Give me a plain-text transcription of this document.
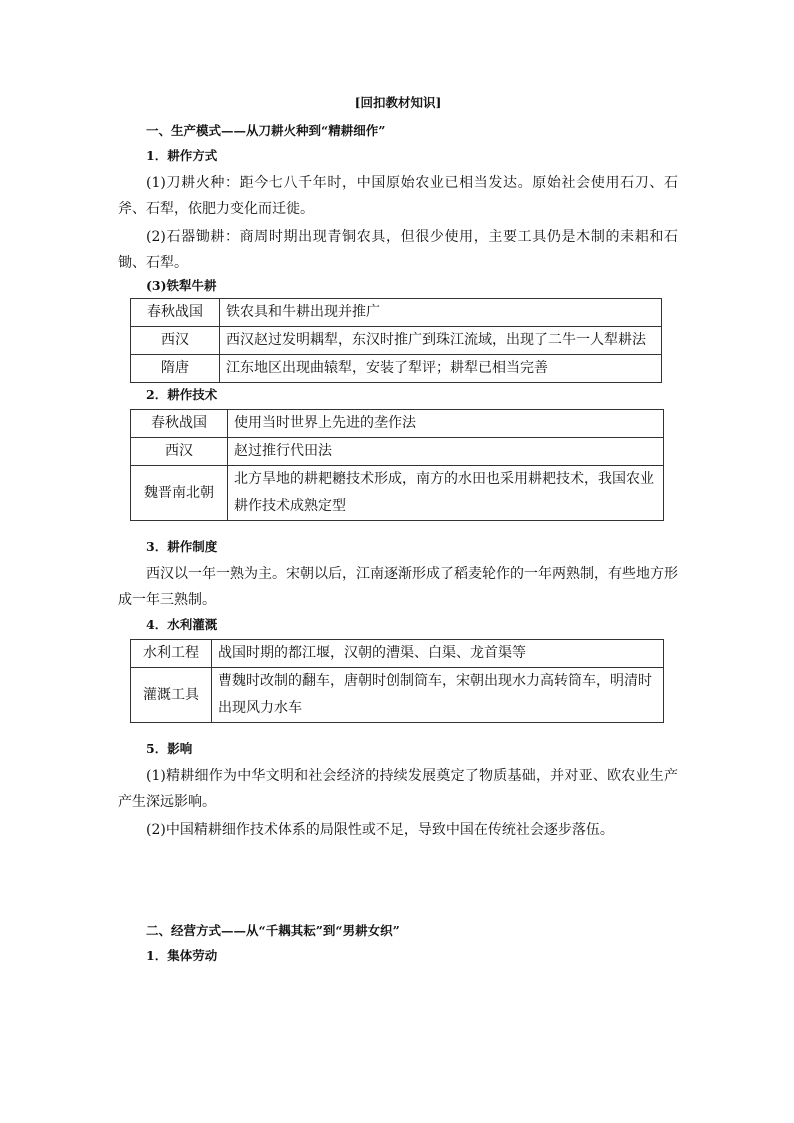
[回扣教材知识]
一、生产模式——从刀耕火种到“精耕细作”
1．耕作方式
(1)刀耕火种：距今七八千年时，中国原始农业已相当发达。原始社会使用石刀、石斧、石犁，依肥力变化而迁徙。
(2)石器锄耕：商周时期出现青铜农具，但很少使用，主要工具仍是木制的耒耜和石锄、石犁。
(3)铁犁牛耕
春秋战国	铁农具和牛耕出现并推广
西汉	西汉赵过发明耦犁，东汉时推广到珠江流域，出现了二牛一人犁耕法
隋唐	江东地区出现曲辕犁，安装了犁评；耕犁已相当完善
2．耕作技术
春秋战国	使用当时世界上先进的垄作法
西汉	赵过推行代田法
魏晋南北朝	北方旱地的耕耙耱技术形成，南方的水田也采用耕耙技术，我国农业耕作技术成熟定型
3．耕作制度
西汉以一年一熟为主。宋朝以后，江南逐渐形成了稻麦轮作的一年两熟制，有些地方形成一年三熟制。
4．水利灌溉
水利工程	战国时期的都江堰，汉朝的漕渠、白渠、龙首渠等
灌溉工具	曹魏时改制的翻车，唐朝时创制筒车，宋朝出现水力高转筒车，明清时出现风力水车
5．影响
(1)精耕细作为中华文明和社会经济的持续发展奠定了物质基础，并对亚、欧农业生产产生深远影响。
(2)中国精耕细作技术体系的局限性或不足，导致中国在传统社会逐步落伍。
二、经营方式——从“千耦其耘”到“男耕女织”
1．集体劳动
